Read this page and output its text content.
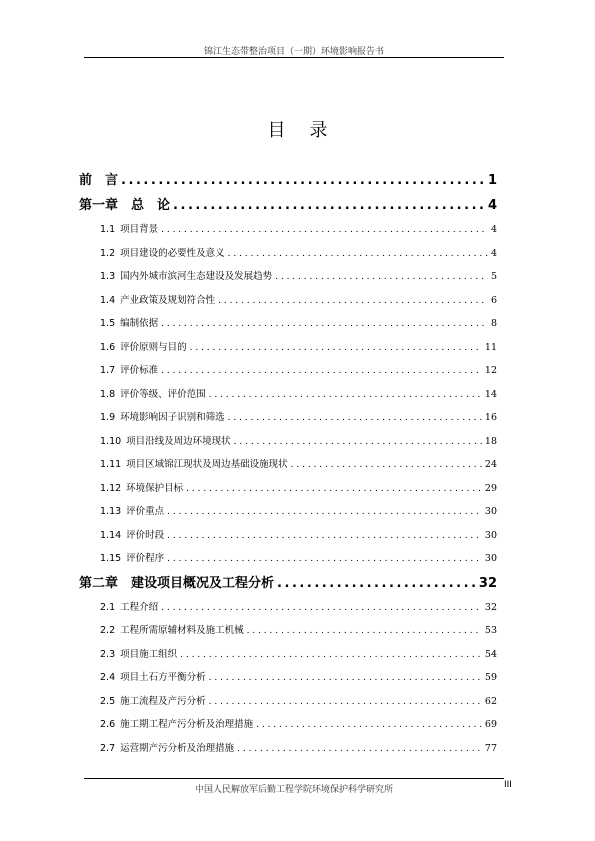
锦江生态带整治项目（一期）环境影响报告书
目录
前　言 . . .	1
第一章　总　论 . . .	4
1.1 项目背景 . . .	4
1.2 项目建设的必要性及意义 . . .	4
1.3 国内外城市滨河生态建设及发展趋势 . . .	5
1.4 产业政策及规划符合性 . . .	6
1.5 编制依据 . . .	8
1.6 评价原则与目的 . . .	11
1.7 评价标准 . . .	12
1.8 评价等级、评价范围 . . .	14
1.9 环境影响因子识别和筛选 . . .	16
1.10 项目沿线及周边环境现状 . . .	18
1.11 项目区域锦江现状及周边基础设施现状 . . .	24
1.12 环境保护目标 . . .	29
1.13 评价重点 . . .	30
1.14 评价时段 . . .	30
1.15 评价程序 . . .	30
第二章　建设项目概况及工程分析 . . .	32
2.1 工程介绍 . . .	32
2.2 工程所需原辅材料及施工机械 . . .	53
2.3 项目施工组织 . . .	54
2.4 项目土石方平衡分析 . . .	59
2.5 施工流程及产污分析 . . .	62
2.6 施工期工程产污分析及治理措施 . . .	69
2.7 运营期产污分析及治理措施 . . .	77
中国人民解放军后勤工程学院环境保护科学研究所	III
